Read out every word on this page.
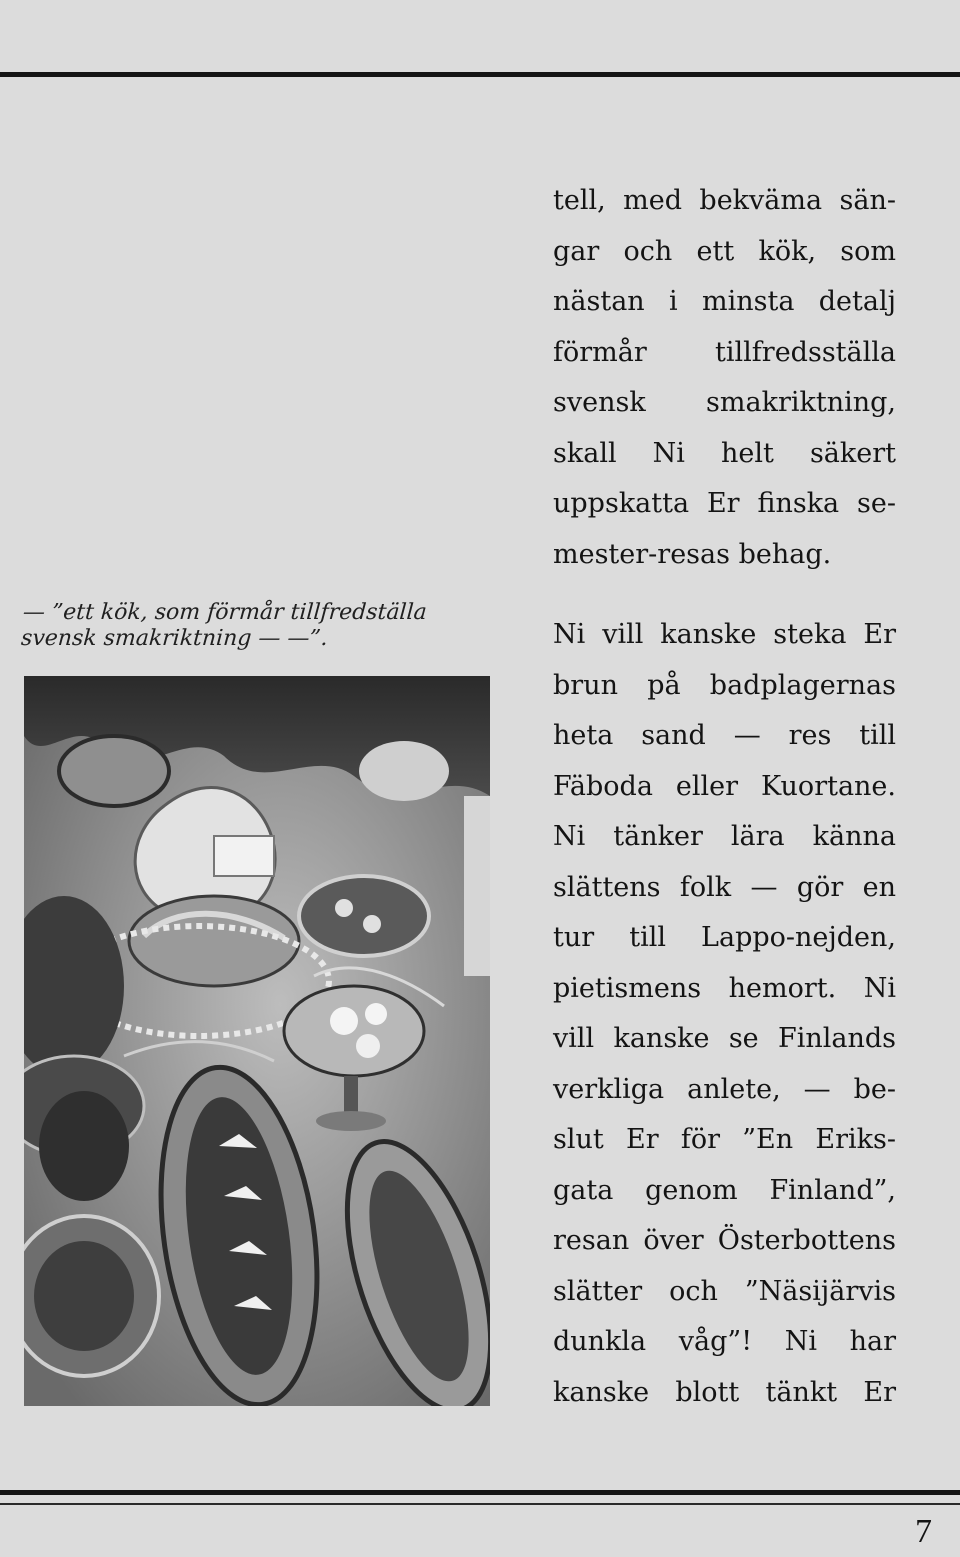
— ”ett kök, som förmår tillfredställa
svensk smakriktning — —”.

tell, med bekväma sän-
gar och ett kök, som
nästan i minsta detalj
förmår tillfredsställa
svensk smakriktning,
skall Ni helt säkert
uppskatta Er finska se-
mester-resas behag.
Ni vill kanske steka Er
brun på badplagernas
heta sand — res till
Fäboda eller Kuortane.
Ni tänker lära känna
slättens folk — gör en
tur till Lappo-nejden,
pietismens hemort. Ni
vill kanske se Finlands
verkliga anlete, — be-
slut Er för ”En Eriks-
gata genom Finland”,
resan över Österbottens
slätter och ”Näsijärvis
dunkla våg”! Ni har
kanske blott tänkt Er

7
